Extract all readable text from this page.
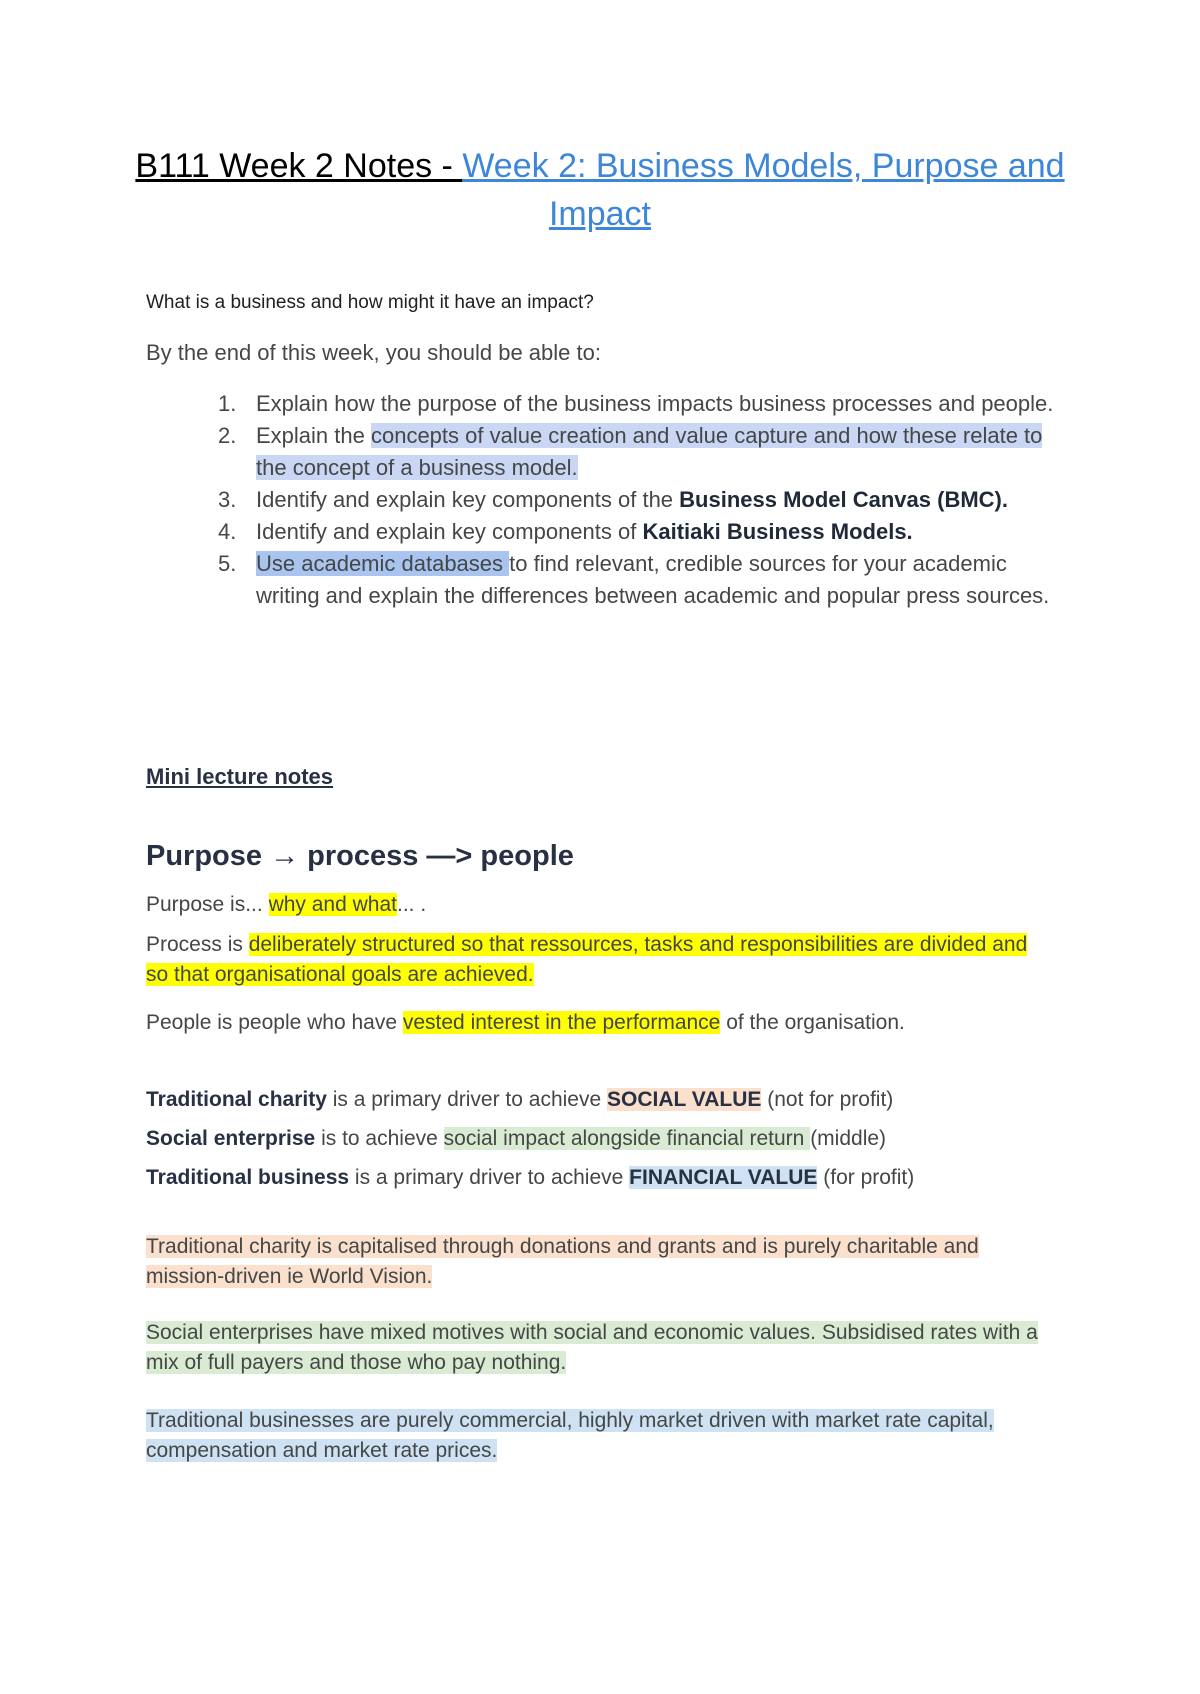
B111 Week 2 Notes - Week 2: Business Models, Purpose and Impact
What is a business and how might it have an impact?
By the end of this week, you should be able to:
1. Explain how the purpose of the business impacts business processes and people.
2. Explain the concepts of value creation and value capture and how these relate to the concept of a business model.
3. Identify and explain key components of the Business Model Canvas (BMC).
4. Identify and explain key components of Kaitiaki Business Models.
5. Use academic databases to find relevant, credible sources for your academic writing and explain the differences between academic and popular press sources.
Mini lecture notes
Purpose → process —> people
Purpose is... why and what... .
Process is deliberately structured so that ressources, tasks and responsibilities are divided and so that organisational goals are achieved.
People is people who have vested interest in the performance of the organisation.
Traditional charity is a primary driver to achieve SOCIAL VALUE (not for profit)
Social enterprise is to achieve social impact alongside financial return (middle)
Traditional business is a primary driver to achieve FINANCIAL VALUE (for profit)
Traditional charity is capitalised through donations and grants and is purely charitable and mission-driven ie World Vision.
Social enterprises have mixed motives with social and economic values. Subsidised rates with a mix of full payers and those who pay nothing.
Traditional businesses are purely commercial, highly market driven with market rate capital, compensation and market rate prices.
